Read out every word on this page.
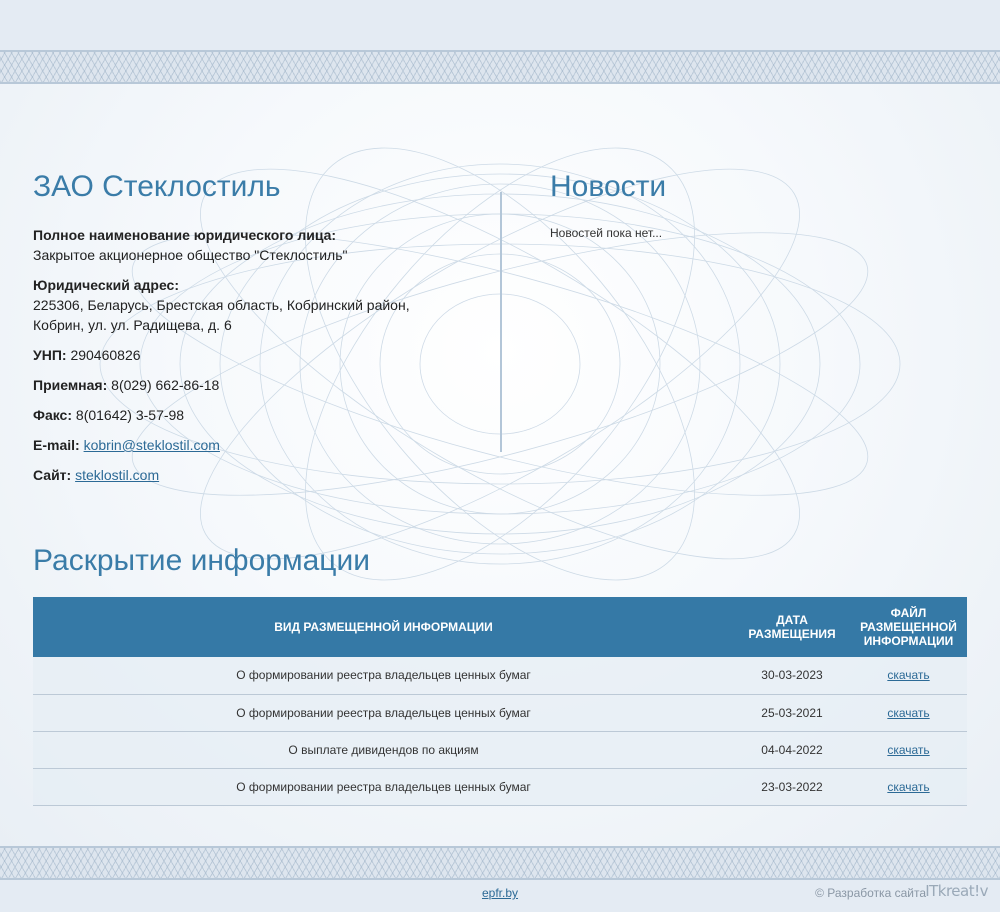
ЗАО Стеклостиль
Полное наименование юридического лица:
Закрытое акционерное общество "Стеклостиль"
Юридический адрес:
225306, Беларусь, Брестская область, Кобринский район, Кобрин, ул. ул. Радищева, д. 6
УНП: 290460826
Приемная: 8(029) 662-86-18
Факс: 8(01642) 3-57-98
E-mail: kobrin@steklostil.com
Сайт: steklostil.com
Новости
Новостей пока нет...
Раскрытие информации
ВИД РАЗМЕЩЕННОЙ ИНФОРМАЦИИ	ДАТА РАЗМЕЩЕНИЯ	ФАЙЛ РАЗМЕЩЕННОЙ ИНФОРМАЦИИ
О формировании реестра владельцев ценных бумаг	30-03-2023	скачать
О формировании реестра владельцев ценных бумаг	25-03-2021	скачать
О выплате дивидендов по акциям	04-04-2022	скачать
О формировании реестра владельцев ценных бумаг	23-03-2022	скачать
epfr.by	© Разработка сайта ITkreat!v
